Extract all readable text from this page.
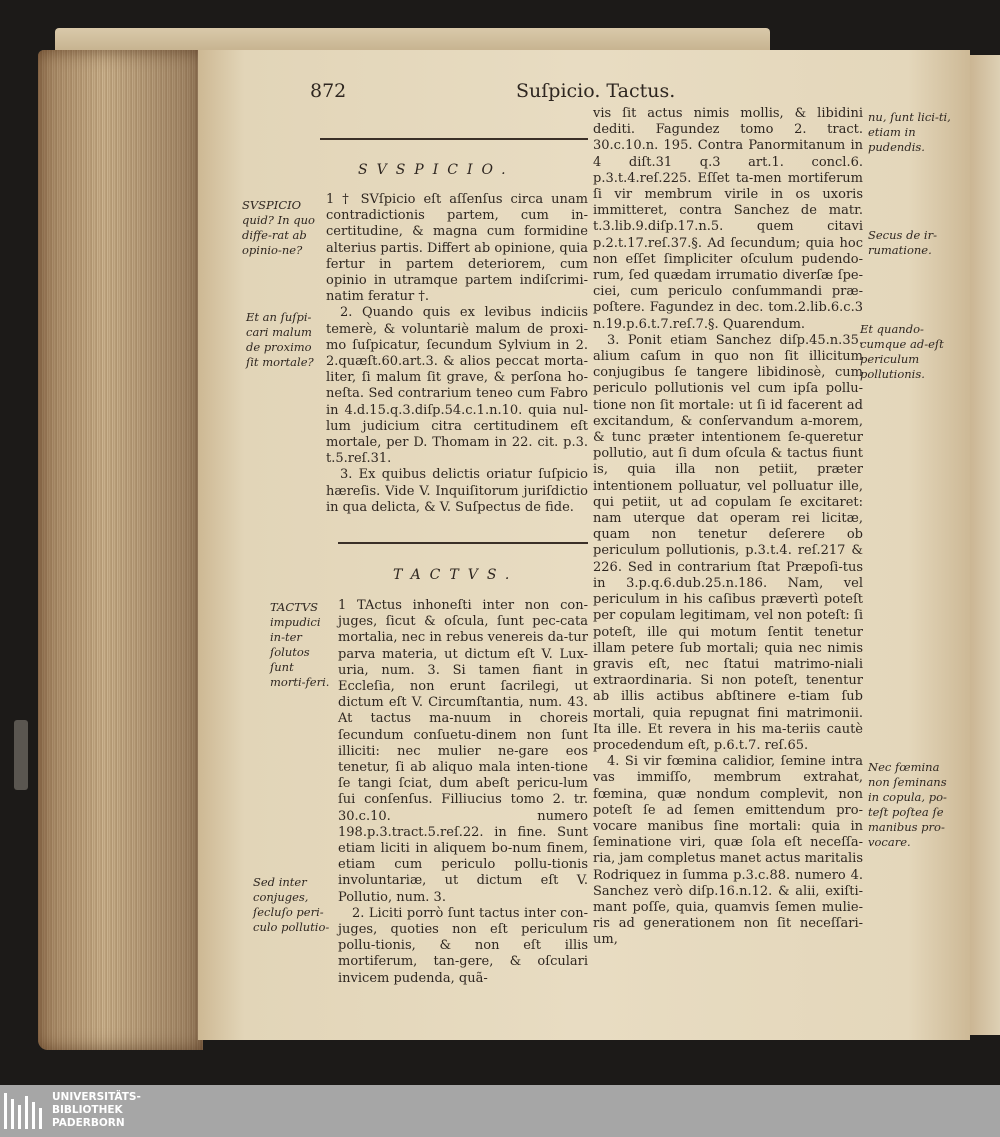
872	Suſpicio. Tactus.
SVSPICIO.
SVSPICIO quid? In quo diffe-rat ab opinio-ne?
Et an ſuſpi-cari malum de proximo ſit mortale?

1 † SVſpicio eſt aſſenſus circa unam contradictionis partem, cum in-certitudine, & magna cum formidine alterius partis. Differt ab opinione, quia fertur in partem deteriorem, cum opinio in utramque partem indiſcrimi-natim feratur †.

2. Quando quis ex levibus indiciis temerè, & voluntariè malum de proxi-mo ſuſpicatur, ſecundum Sylvium in 2. 2.quæſt.60.art.3. & alios peccat morta-liter, ſi malum ſit grave, & perſona ho-neſta. Sed contrarium teneo cum Fabro in 4.d.15.q.3.diſp.54.c.1.n.10. quia nul-lum judicium citra certitudinem eſt mortale, per D. Thomam in 22. cit. p.3. t.5.reſ.31.

3. Ex quibus delictis oriatur ſuſpicio hæreſis. Vide V. Inquiſitorum juriſdictio in qua delicta, & V. Suſpectus de fide.

TACTVS.
TACTVS impudici in-ter ſolutos ſunt morti-feri.
Sed inter conjuges, ſecluſo peri-culo pollutio-

1 TActus inhoneſti inter non con-juges, ſicut & oſcula, ſunt pec-cata mortalia, nec in rebus venereis da-tur parva materia, ut dictum eſt V. Lux-uria, num. 3. Si tamen fiant in Eccleſia, non erunt ſacrilegi, ut dictum eſt V. Circumſtantia, num. 43. At tactus ma-nuum in choreis ſecundum conſuetu-dinem non ſunt illiciti: nec mulier ne-gare eos tenetur, ſi ab aliquo mala inten-tione ſe tangi ſciat, dum abeſt pericu-lum ſui conſenſus. Filliucius tomo 2. tr. 30.c.10. numero 198.p.3.tract.5.reſ.22. in fine. Sunt etiam liciti in aliquem bo-num finem, etiam cum periculo pollu-tionis involuntariæ, ut dictum eſt V. Pollutio, num. 3.

2. Liciti porrò ſunt tactus inter con-juges, quoties non eſt periculum pollu-tionis, & non eſt illis mortiferum, tan-gere, & oſculari invicem pudenda, quã-

vis ſit actus nimis mollis, & libidini dediti. Fagundez tomo 2. tract. 30.c.10.n. 195. Contra Panormitanum in 4 diſt.31 q.3 art.1. concl.6. p.3.t.4.reſ.225. Eſſet ta-men mortiferum ſi vir membrum virile in os uxoris immitteret, contra Sanchez de matr. t.3.lib.9.diſp.17.n.5. quem citavi p.2.t.17.reſ.37.§. Ad ſecundum; quia hoc non eſſet ſimpliciter oſculum pudendo-rum, ſed quædam irrumatio diverſæ ſpe-ciei, cum periculo conſummandi præ-poſtere. Fagundez in dec. tom.2.lib.6.c.3 n.19.p.6.t.7.reſ.7.§. Quarendum.

3. Ponit etiam Sanchez diſp.45.n.35. alium caſum in quo non ſit illicitum conjugibus ſe tangere libidinosè, cum periculo pollutionis vel cum ipſa pollu-tione non ſit mortale: ut ſi id facerent ad excitandum, & conſervandum a-morem, & tunc præter intentionem ſe-queretur pollutio, aut ſi dum oſcula & tactus fiunt is, quia illa non petiit, præter intentionem polluatur, vel polluatur ille, qui petiit, ut ad copulam ſe excitaret: nam uterque dat operam rei licitæ, quam non tenetur deſerere ob periculum pollutionis, p.3.t.4. reſ.217 & 226. Sed in contrarium ſtat Præpoſi-tus in 3.p.q.6.dub.25.n.186. Nam, vel periculum in his caſibus prævertì poteſt per copulam legitimam, vel non poteſt: ſi poteſt, ille qui motum ſentit tenetur illam petere ſub mortali; quia nec nimis gravis eſt, nec ſtatui matrimo-niali extraordinaria. Si non poteſt, tenentur ab illis actibus abſtinere e-tiam ſub mortali, quia repugnat fini matrimonii. Ita ille. Et revera in his ma-teriis cautè procedendum eſt, p.6.t.7. reſ.65.

4. Si vir fœmina calidior, ſemine intra vas immiſſo, membrum extrahat, fœmina, quæ nondum complevit, non poteſt ſe ad ſemen emittendum pro-vocare manibus ſine mortali: quia in ſeminatione viri, quæ ſola eſt neceſſa-ria, jam completus manet actus maritalis Rodriquez in ſumma p.3.c.88. numero 4. Sanchez verò diſp.16.n.12. & alii, exiſti-mant poſſe, quia, quamvis ſemen mulie-ris ad generationem non ſit neceſſari-um,

nu, ſunt lici-ti, etiam in pudendis.
Secus de ir-rumatione.
Et quando-cumque ad-eſt periculum pollutionis.
Nec fœmina non ſeminans in copula, po-teſt poſtea ſe manibus pro-vocare.
UNIVERSITÄTS-
BIBLIOTHEK
PADERBORN
